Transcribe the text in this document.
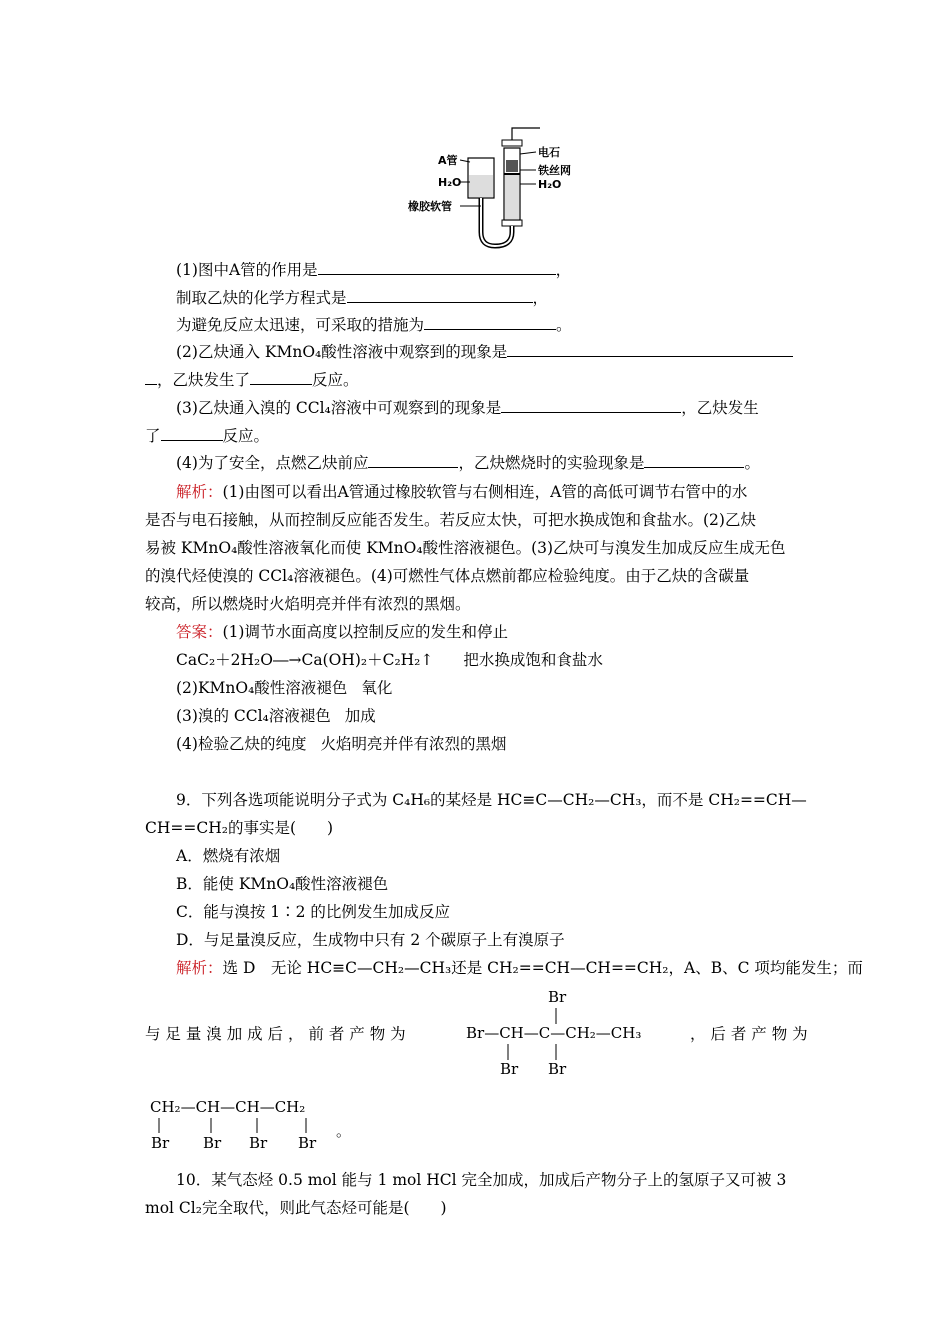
A管
H₂O
橡胶软管
电石
铁丝网
H₂O
(1)图中A管的作用是	，
制取乙炔的化学方程式是	，
为避免反应太迅速，可采取的措施为	。
(2)乙炔通入 KMnO₄酸性溶液中观察到的现象是
，乙炔发生了	反应。
(3)乙炔通入溴的 CCl₄溶液中可观察到的现象是	，乙炔发生
了	反应。
(4)为了安全，点燃乙炔前应	，乙炔燃烧时的实验现象是	。
解析：(1)由图可以看出A管通过橡胶软管与右侧相连，A管的高低可调节右管中的水
是否与电石接触，从而控制反应能否发生。若反应太快，可把水换成饱和食盐水。(2)乙炔
易被 KMnO₄酸性溶液氧化而使 KMnO₄酸性溶液褪色。(3)乙炔可与溴发生加成反应生成无色
的溴代烃使溴的 CCl₄溶液褪色。(4)可燃性气体点燃前都应检验纯度。由于乙炔的含碳量
较高，所以燃烧时火焰明亮并伴有浓烈的黑烟。
答案：(1)调节水面高度以控制反应的发生和停止
CaC₂＋2H₂O―→Ca(OH)₂＋C₂H₂↑ 把水换成饱和食盐水
(2)KMnO₄酸性溶液褪色 氧化
(3)溴的 CCl₄溶液褪色 加成
(4)检验乙炔的纯度 火焰明亮并伴有浓烈的黑烟
9．下列各选项能说明分子式为 C₄H₆的某烃是 HC≡C—CH₂—CH₃，而不是 CH₂==CH—
CH==CH₂的事实是(　　)
A．燃烧有浓烟
B．能使 KMnO₄酸性溶液褪色
C．能与溴按 1∶2 的比例发生加成反应
D．与足量溴反应，生成物中只有 2 个碳原子上有溴原子
解析：选 D　无论 HC≡C—CH₂—CH₃还是 CH₂==CH—CH==CH₂，A、B、C 项均能发生；而
与 足 量 溴 加 成 后 ， 前 者 产 物 为	Br—CH—C—CH₂—CH₃
Br
Br Br
， 后 者 产 物 为
CH₂—CH—CH—CH₂
Br Br Br Br
。
10．某气态烃 0.5 mol 能与 1 mol HCl 完全加成，加成后产物分子上的氢原子又可被 3
mol Cl₂完全取代，则此气态烃可能是(　　)
